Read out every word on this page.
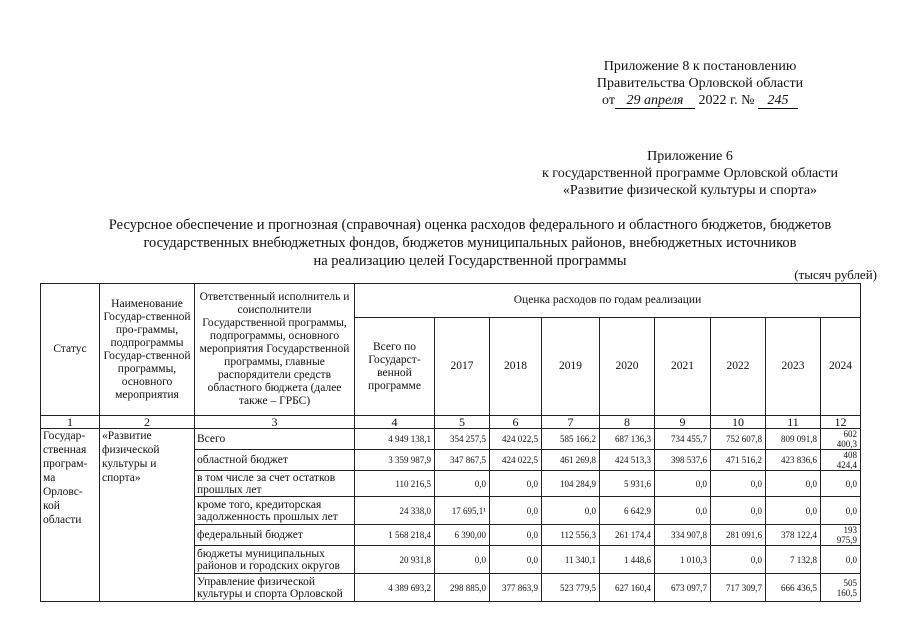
Приложение 8 к постановлению
Правительства Орловской области
от 29 апреля 2022 г. № 245
Приложение 6
к государственной программе Орловской области
«Развитие физической культуры и спорта»
Ресурсное обеспечение и прогнозная (справочная) оценка расходов федерального и областного бюджетов, бюджетов
государственных внебюджетных фондов, бюджетов муниципальных районов, внебюджетных источников
на реализацию целей Государственной программы
(тысяч рублей)
Статус	Наименование Государ-ственной про-граммы, подпрограммы Государ-ственной программы, основного мероприятия	Ответственный исполнитель и соисполнители Государственной программы, подпрограммы, основного мероприятия Государственной программы, главные распорядители средств областного бюджета (далее также – ГРБС)	Оценка расходов по годам реализации								
			Всего по Государст-венной программе	2017	2018	2019	2020	2021	2022	2023	2024
1	2	3	4	5	6	7	8	9	10	11	12
Государ-ственная програм-ма Орловс-кой области	«Развитие физической культуры и спорта»	Всего	4 949 138,1	354 257,5	424 022,5	585 166,2	687 136,3	734 455,7	752 607,8	809 091,8	602 400,3
		областной бюджет	3 359 987,9	347 867,5	424 022,5	461 269,8	424 513,3	398 537,6	471 516,2	423 836,6	408 424,4
		в том числе за счет остатков прошлых лет	110 216,5	0,0	0,0	104 284,9	5 931,6	0,0	0,0	0,0	0,0
		кроме того, кредиторская задолженность прошлых лет	24 338,0	17 695,1¹	0,0	0,0	6 642,9	0,0	0,0	0,0	0,0
		федеральный бюджет	1 568 218,4	6 390,00	0,0	112 556,3	261 174,4	334 907,8	281 091,6	378 122,4	193 975,9
		бюджеты муниципальных районов и городских округов	20 931,8	0,0	0,0	11 340,1	1 448,6	1 010,3	0,0	7 132,8	0,0
		Управление физической культуры и спорта Орловской	4 389 693,2	298 885,0	377 863,9	523 779,5	627 160,4	673 097,7	717 309,7	666 436,5	505 160,5
